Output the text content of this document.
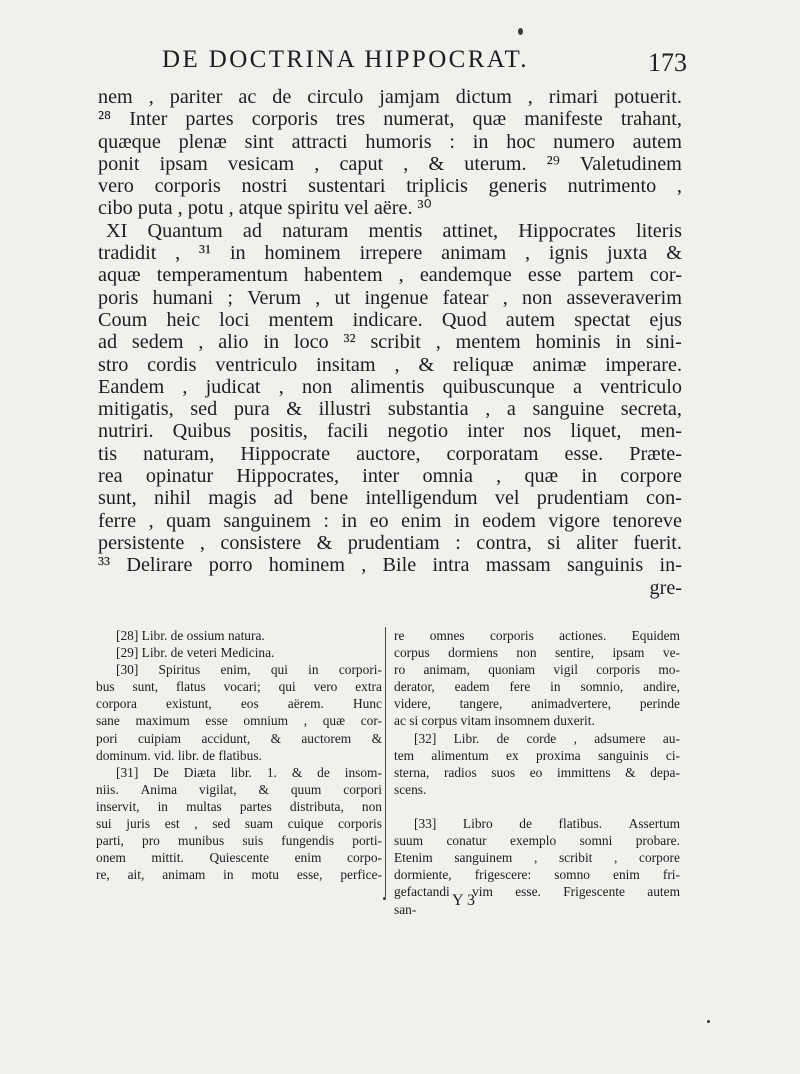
DE DOCTRINA HIPPOCRAT.	173
nem , pariter ac de circulo jamjam dictum , rimari potuerit.
²⁸ Inter partes corporis tres numerat, quæ manifeste trahant,
quæque plenæ sint attracti humoris : in hoc numero autem
ponit ipsam vesicam , caput , & uterum. ²⁹ Valetudinem
vero corporis nostri sustentari triplicis generis nutrimento ,
cibo puta , potu , atque spiritu vel aëre. ³⁰
XI Quantum ad naturam mentis attinet, Hippocrates literis
tradidit , ³¹ in hominem irrepere animam , ignis juxta &
aquæ temperamentum habentem , eandemque esse partem cor-
poris humani ; Verum , ut ingenue fatear , non asseveraverim
Coum heic loci mentem indicare. Quod autem spectat ejus
ad sedem , alio in loco ³² scribit , mentem hominis in sini-
stro cordis ventriculo insitam , & reliquæ animæ imperare.
Eandem , judicat , non alimentis quibuscunque a ventriculo
mitigatis, sed pura & illustri substantia , a sanguine secreta,
nutriri. Quibus positis, facili negotio inter nos liquet, men-
tis naturam, Hippocrate auctore, corporatam esse. Præte-
rea opinatur Hippocrates, inter omnia , quæ in corpore
sunt, nihil magis ad bene intelligendum vel prudentiam con-
ferre , quam sanguinem : in eo enim in eodem vigore tenoreve
persistente , consistere & prudentiam : contra, si aliter fuerit.
³³ Delirare porro hominem , Bile intra massam sanguinis in-
gre-
[28] Libr. de ossium natura.
[29] Libr. de veteri Medicina.
[30] Spiritus enim, qui in corpori-
bus sunt, flatus vocari; qui vero extra
corpora existunt, eos aërem. Hunc
sane maximum esse omnium , quæ cor-
pori cuipiam accidunt, & auctorem &
dominum. vid. libr. de flatibus.
[31] De Diæta libr. 1. & de insom-
niis. Anima vigilat, & quum corpori
inservit, in multas partes distributa, non
sui juris est , sed suam cuique corporis
parti, pro munibus suis fungendis porti-
onem mittit. Quiescente enim corpo-
re, ait, animam in motu esse, perfice-
re omnes corporis actiones. Equidem
corpus dormiens non sentire, ipsam ve-
ro animam, quoniam vigil corporis mo-
derator, eadem fere in somnio, andire,
videre, tangere, animadvertere, perinde
ac si corpus vitam insomnem duxerit.
[32] Libr. de corde , adsumere au-
tem alimentum ex proxima sanguinis ci-
sterna, radios suos eo immittens & depa-
scens.
[33] Libro de flatibus. Assertum
suum conatur exemplo somni probare.
Etenim sanguinem , scribit , corpore
dormiente, frigescere: somno enim fri-
gefactandi vim esse. Frigescente autem
san- Y 3
